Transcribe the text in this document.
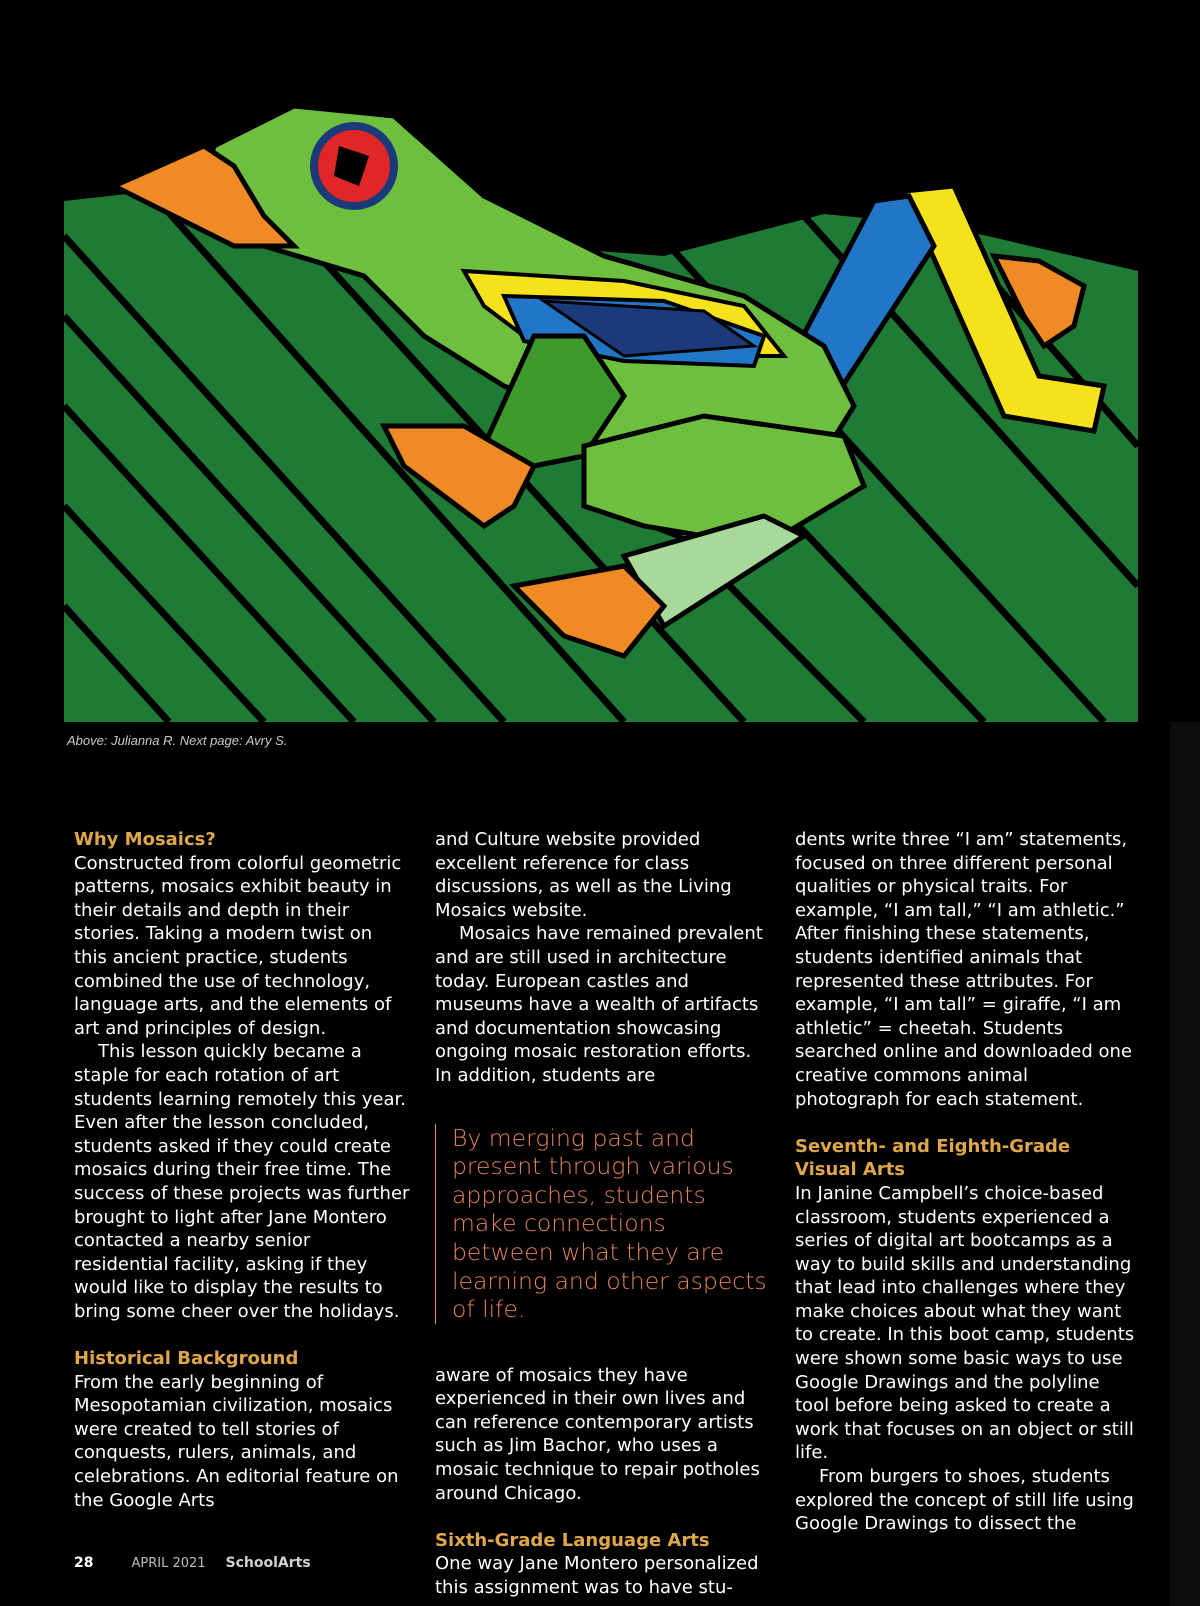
Above: Julianna R. Next page: Avry S.
Why Mosaics?

Constructed from colorful geometric patterns, mosaics exhibit beauty in their details and depth in their stories. Taking a modern twist on this ancient practice, students combined the use of technology, language arts, and the elements of art and principles of design.

This lesson quickly became a staple for each rotation of art students learning remotely this year. Even after the lesson concluded, students asked if they could create mosaics during their free time. The success of these projects was further brought to light after Jane Montero contacted a nearby senior residential facility, asking if they would like to display the results to bring some cheer over the holidays.

Historical Background

From the early beginning of Mesopotamian civilization, mosaics were created to tell stories of conquests, rulers, animals, and celebrations. An editorial feature on the Google Arts

and Culture website provided excellent reference for class discussions, as well as the Living Mosaics website.

Mosaics have remained prevalent and are still used in architecture today. European castles and museums have a wealth of artifacts and documentation showcasing ongoing mosaic restoration efforts. In addition, students are

By merging past and present through various approaches, students make connections between what they are learning and other aspects of life.

aware of mosaics they have experienced in their own lives and can reference contemporary artists such as Jim Bachor, who uses a mosaic technique to repair potholes around Chicago.

Sixth-Grade Language Arts

One way Jane Montero personalized this assignment was to have stu-

dents write three “I am” statements, focused on three different personal qualities or physical traits. For example, “I am tall,” “I am athletic.” After finishing these statements, students identified animals that represented these attributes. For example, “I am tall” = giraffe, “I am athletic” = cheetah. Students searched online and downloaded one creative commons animal photograph for each statement.

Seventh- and Eighth-Grade Visual Arts

In Janine Campbell’s choice-based classroom, students experienced a series of digital art bootcamps as a way to build skills and understanding that lead into challenges where they make choices about what they want to create. In this boot camp, students were shown some basic ways to use Google Drawings and the polyline tool before being asked to create a work that focuses on an object or still life.

From burgers to shoes, students explored the concept of still life using Google Drawings to dissect the

28	APRIL 2021 SchoolArts
